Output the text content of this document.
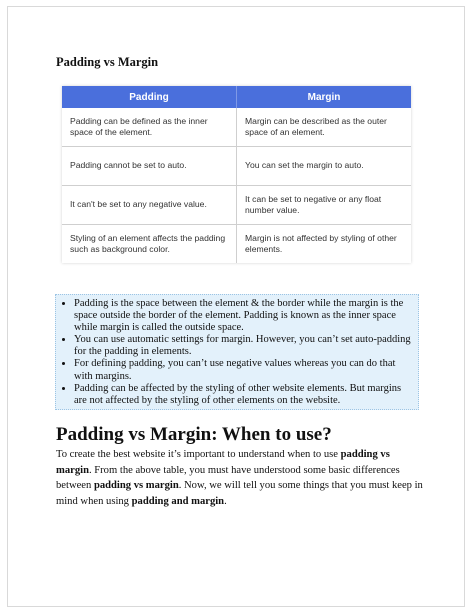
Padding vs Margin
Padding	Margin
Padding can be defined as the inner space of the element.	Margin can be described as the outer space of an element.
Padding cannot be set to auto.	You can set the margin to auto.
It can't be set to any negative value.	It can be set to negative or any float number value.
Styling of an element affects the padding such as background color.	Margin is not affected by styling of other elements.
• Padding is the space between the element & the border while the margin is the space outside the border of the element. Padding is known as the inner space while margin is called the outside space.
• You can use automatic settings for margin. However, you can’t set auto-padding for the padding in elements.
• For defining padding, you can’t use negative values whereas you can do that with margins.
• Padding can be affected by the styling of other website elements. But margins are not affected by the styling of other elements on the website.
Padding vs Margin: When to use?

To create the best website it’s important to understand when to use padding vs margin. From the above table, you must have understood some basic differences between padding vs margin. Now, we will tell you some things that you must keep in mind when using padding and margin.
